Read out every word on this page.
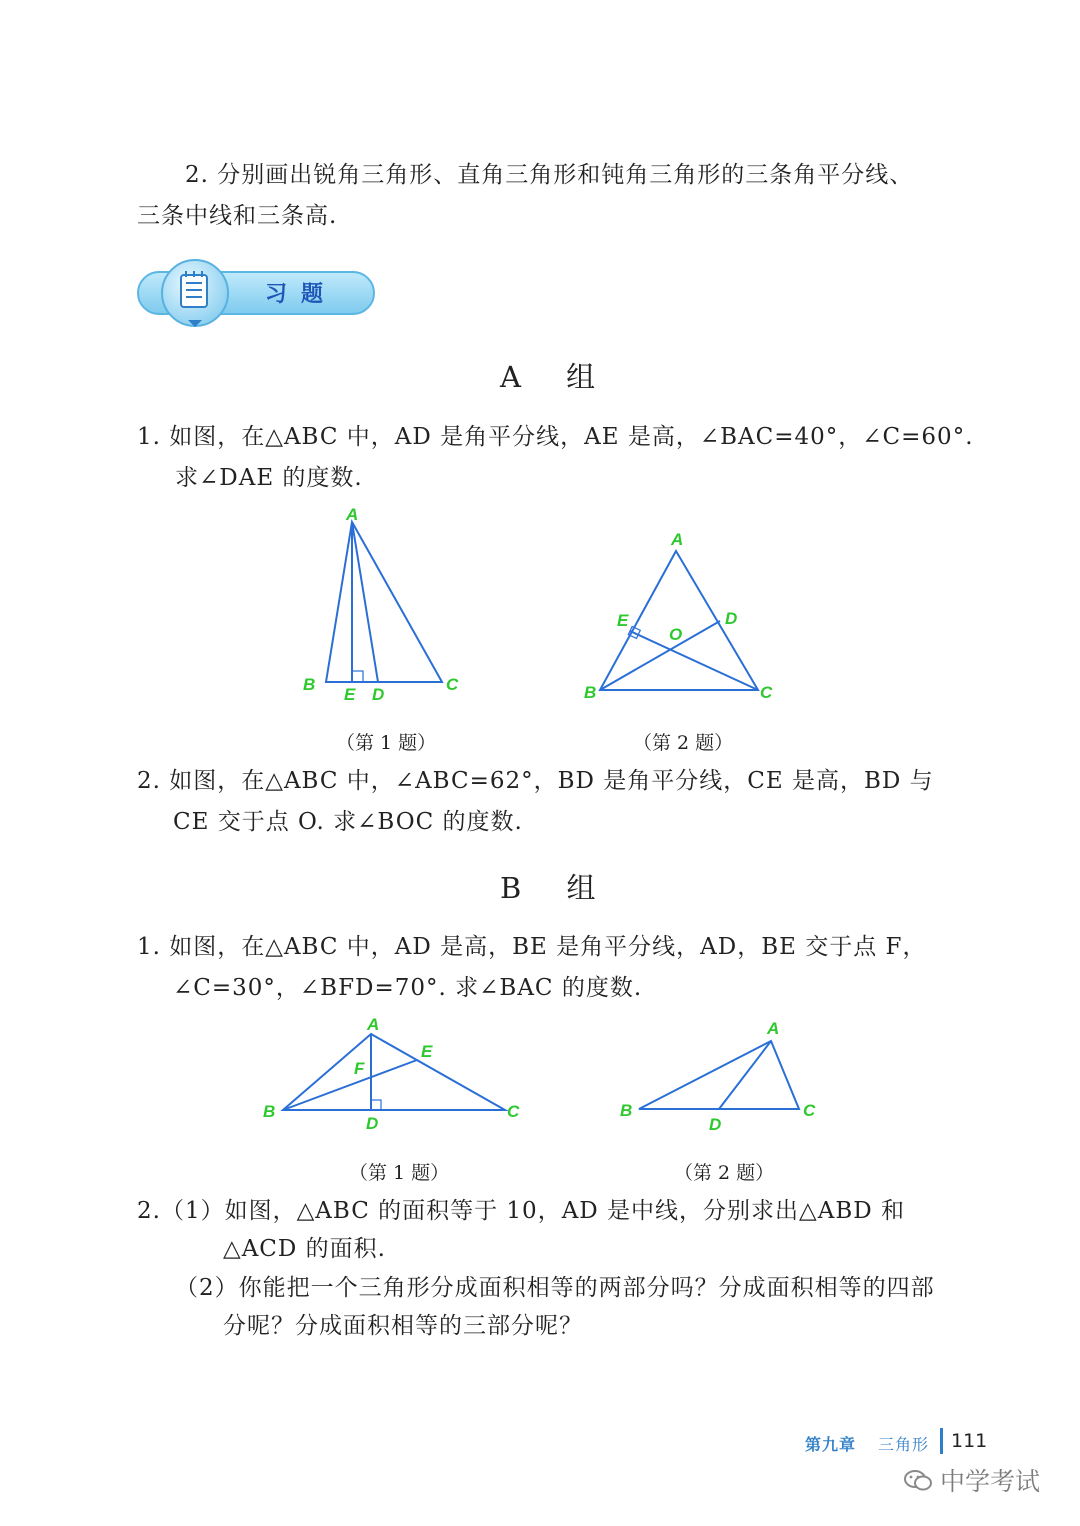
2. 分别画出锐角三角形、直角三角形和钝角三角形的三条角平分线、
三条中线和三条高.
习题
A 组
1. 如图，在△ABC 中，AD 是角平分线，AE 是高，∠BAC=40°，∠C=60°.
求∠DAE 的度数.
A
B
E D
C
（第 1 题）
A
E	D
O
B	C
（第 2 题）
2. 如图，在△ABC 中，∠ABC=62°，BD 是角平分线，CE 是高，BD 与
CE 交于点 O. 求∠BOC 的度数.
B 组
1. 如图，在△ABC 中，AD 是高，BE 是角平分线，AD，BE 交于点 F，
∠C=30°，∠BFD=70°. 求∠BAC 的度数.
A
E
F
B
D
C
（第 1 题）
A
B
D
C
（第 2 题）
2.（1）如图，△ABC 的面积等于 10，AD 是中线，分别求出△ABD 和
△ACD 的面积.
（2）你能把一个三角形分成面积相等的两部分吗？分成面积相等的四部
分呢？分成面积相等的三部分呢？
第九章 三角形 111
中学考试
